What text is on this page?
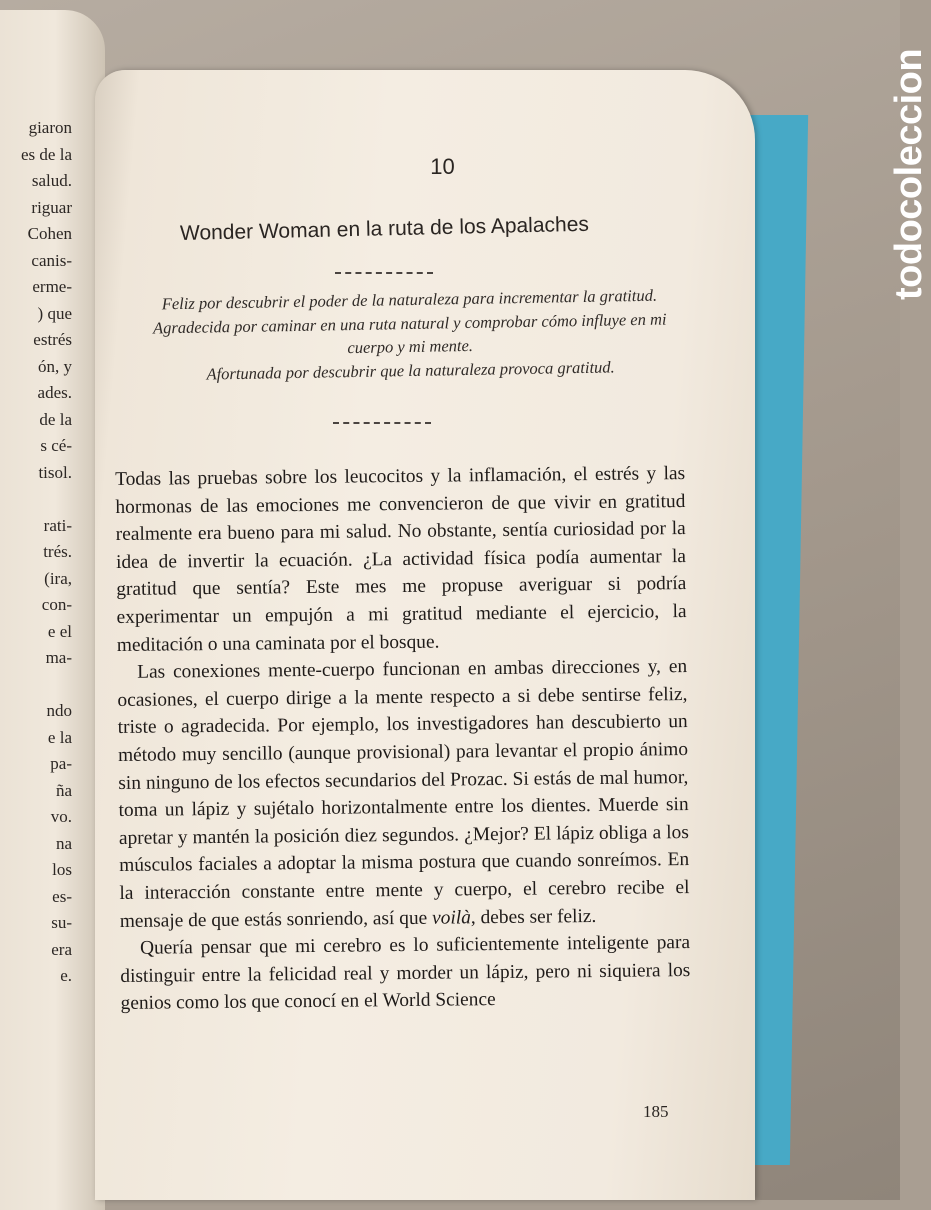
giaron
es de la
salud.
riguar
Cohen
canis-
erme-
) que
estrés
ón, y
ades.
de la
s cé-
tisol.
rati-
trés.
(ira,
con-
e el
ma-
ndo
e la
pa-
ña
vo.
na
los
es-
su-
era
e.
10
Wonder Woman en la ruta de los Apalaches

Feliz por descubrir el poder de la naturaleza para incrementar la gratitud.

Agradecida por caminar en una ruta natural y comprobar cómo influye en mi cuerpo y mi mente.

Afortunada por descubrir que la naturaleza provoca gratitud.

Todas las pruebas sobre los leucocitos y la inflamación, el estrés y las hormonas de las emociones me convencieron de que vivir en gratitud realmente era bueno para mi salud. No obstante, sentía curiosidad por la idea de invertir la ecuación. ¿La actividad física podía aumentar la gratitud que sentía? Este mes me propuse averiguar si podría experimentar un empujón a mi gratitud mediante el ejercicio, la meditación o una caminata por el bosque.

Las conexiones mente-cuerpo funcionan en ambas direcciones y, en ocasiones, el cuerpo dirige a la mente respecto a si debe sentirse feliz, triste o agradecida. Por ejemplo, los investigadores han descubierto un método muy sencillo (aunque provisional) para levantar el propio ánimo sin ninguno de los efectos secundarios del Prozac. Si estás de mal humor, toma un lápiz y sujétalo horizontalmente entre los dientes. Muerde sin apretar y mantén la posición diez segundos. ¿Mejor? El lápiz obliga a los músculos faciales a adoptar la misma postura que cuando sonreímos. En la interacción constante entre mente y cuerpo, el cerebro recibe el mensaje de que estás sonriendo, así que voilà, debes ser feliz.

Quería pensar que mi cerebro es lo suficientemente inteligente para distinguir entre la felicidad real y morder un lápiz, pero ni siquiera los genios como los que conocí en el World Science

185
todocoleccion
